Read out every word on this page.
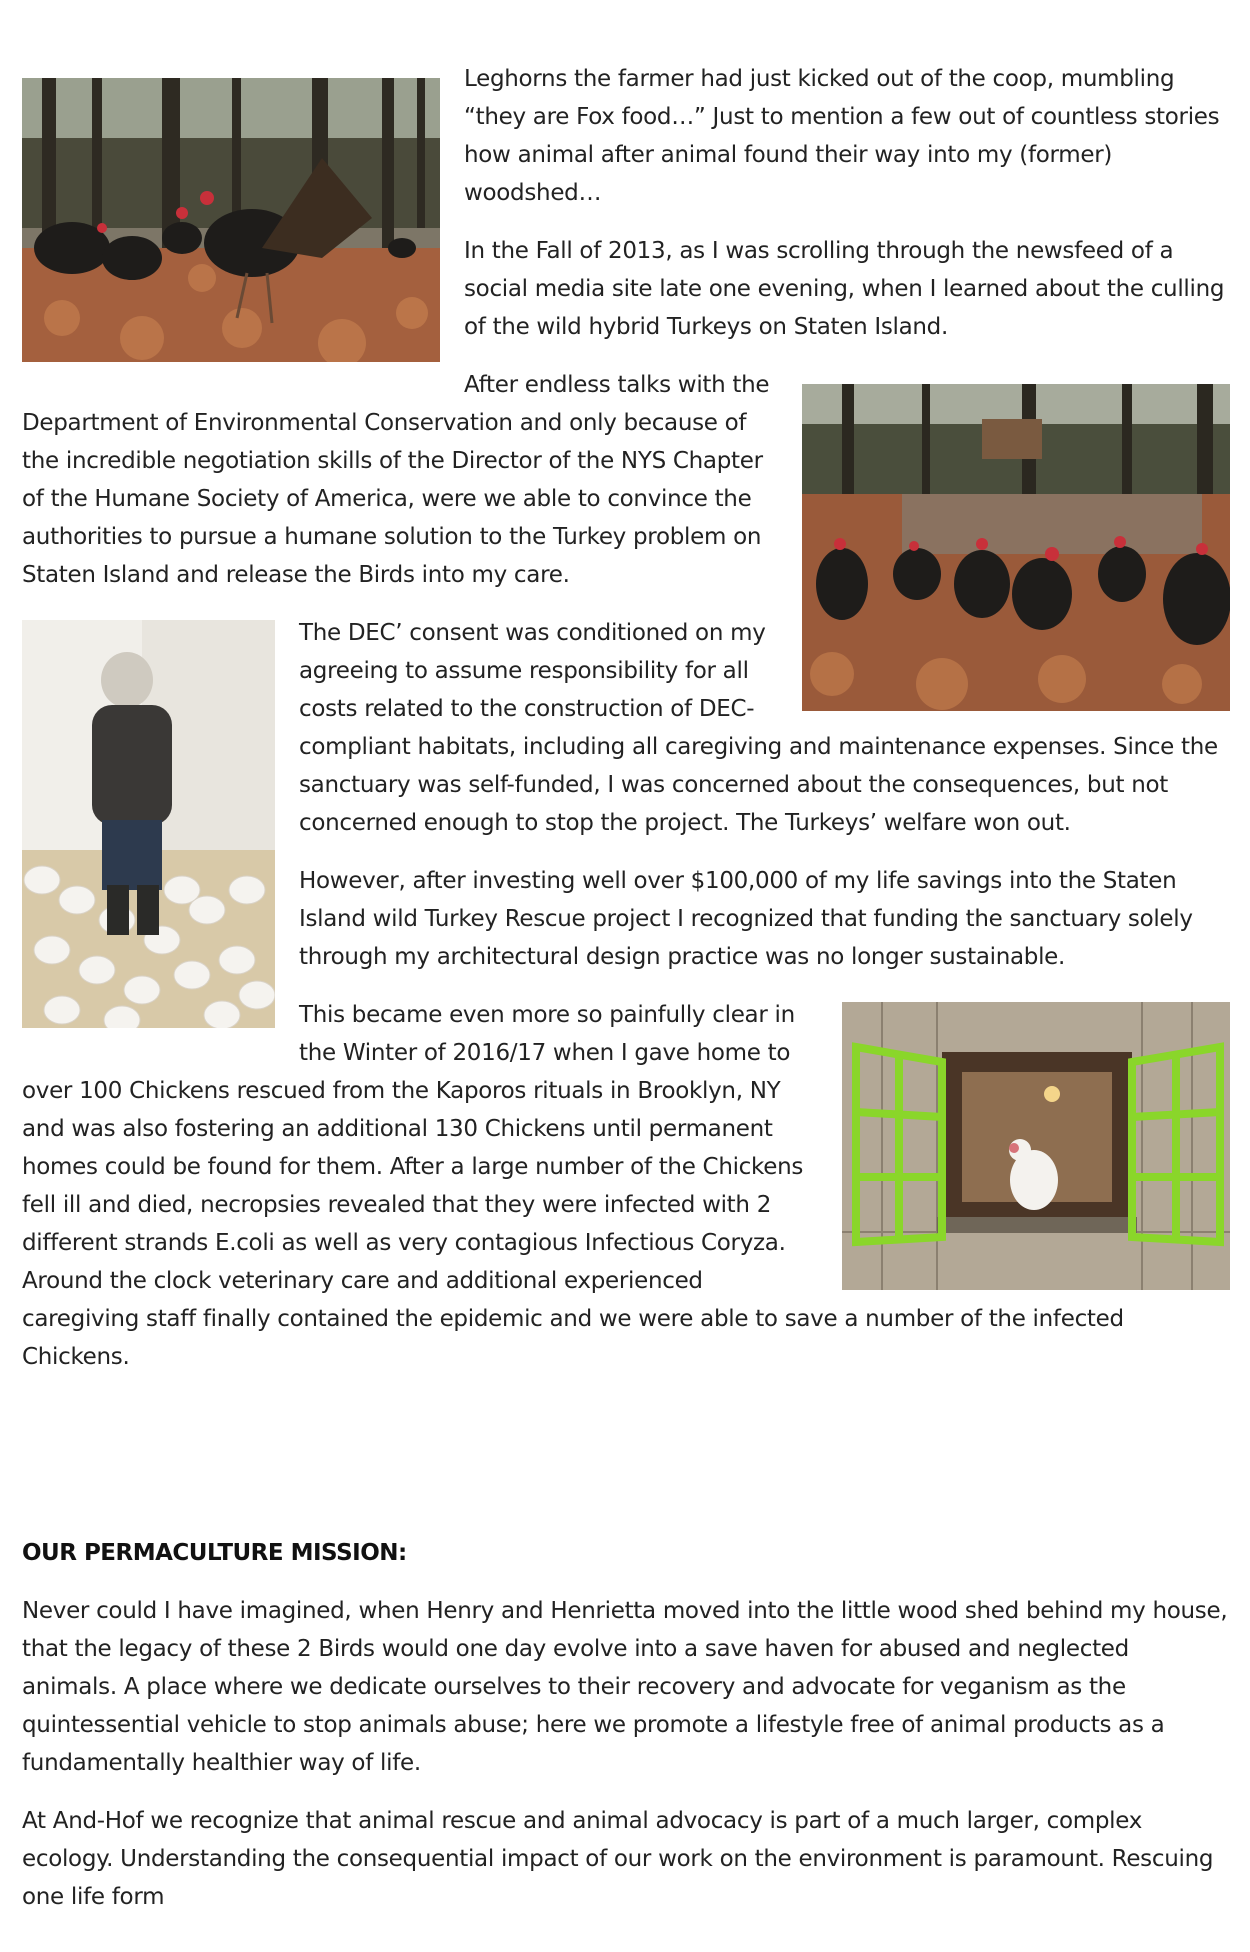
Leghorns the farmer had just kicked out of the coop, mumbling “they are Fox food…” Just to mention a few out of countless stories how animal after animal found their way into my (former) woodshed…

In the Fall of 2013, as I was scrolling through the newsfeed of a social media site late one evening, when I learned about the culling of the wild hybrid Turkeys on Staten Island.

After endless talks with the Department of Environmental Conservation and only because of the incredible negotiation skills of the Director of the NYS Chapter of the Humane Society of America, were we able to convince the authorities to pursue a humane solution to the Turkey problem on Staten Island and release the Birds into my care.

The DEC’ consent was conditioned on my agreeing to assume responsibility for all costs related to the construction of DEC-compliant habitats, including all caregiving and maintenance expenses. Since the sanctuary was self-funded, I was concerned about the consequences, but not concerned enough to stop the project. The Turkeys’ welfare won out.

However, after investing well over $100,000 of my life savings into the Staten Island wild Turkey Rescue project I recognized that funding the sanctuary solely through my architectural design practice was no longer sustainable.

This became even more so painfully clear in the Winter of 2016/17 when I gave home to over 100 Chickens rescued from the Kaporos rituals in Brooklyn, NY and was also fostering an additional 130 Chickens until permanent homes could be found for them. After a large number of the Chickens fell ill and died, necropsies revealed that they were infected with 2 different strands E.coli as well as very contagious Infectious Coryza. Around the clock veterinary care and additional experienced caregiving staff finally contained the epidemic and we were able to save a number of the infected Chickens.

OUR PERMACULTURE MISSION:

Never could I have imagined, when Henry and Henrietta moved into the little wood shed behind my house, that the legacy of these 2 Birds would one day evolve into a save haven for abused and neglected animals. A place where we dedicate ourselves to their recovery and advocate for veganism as the quintessential vehicle to stop animals abuse; here we promote a lifestyle free of animal products as a fundamentally healthier way of life.

At And-Hof we recognize that animal rescue and animal advocacy is part of a much larger, complex ecology. Understanding the consequential impact of our work on the environment is paramount. Rescuing one life form
